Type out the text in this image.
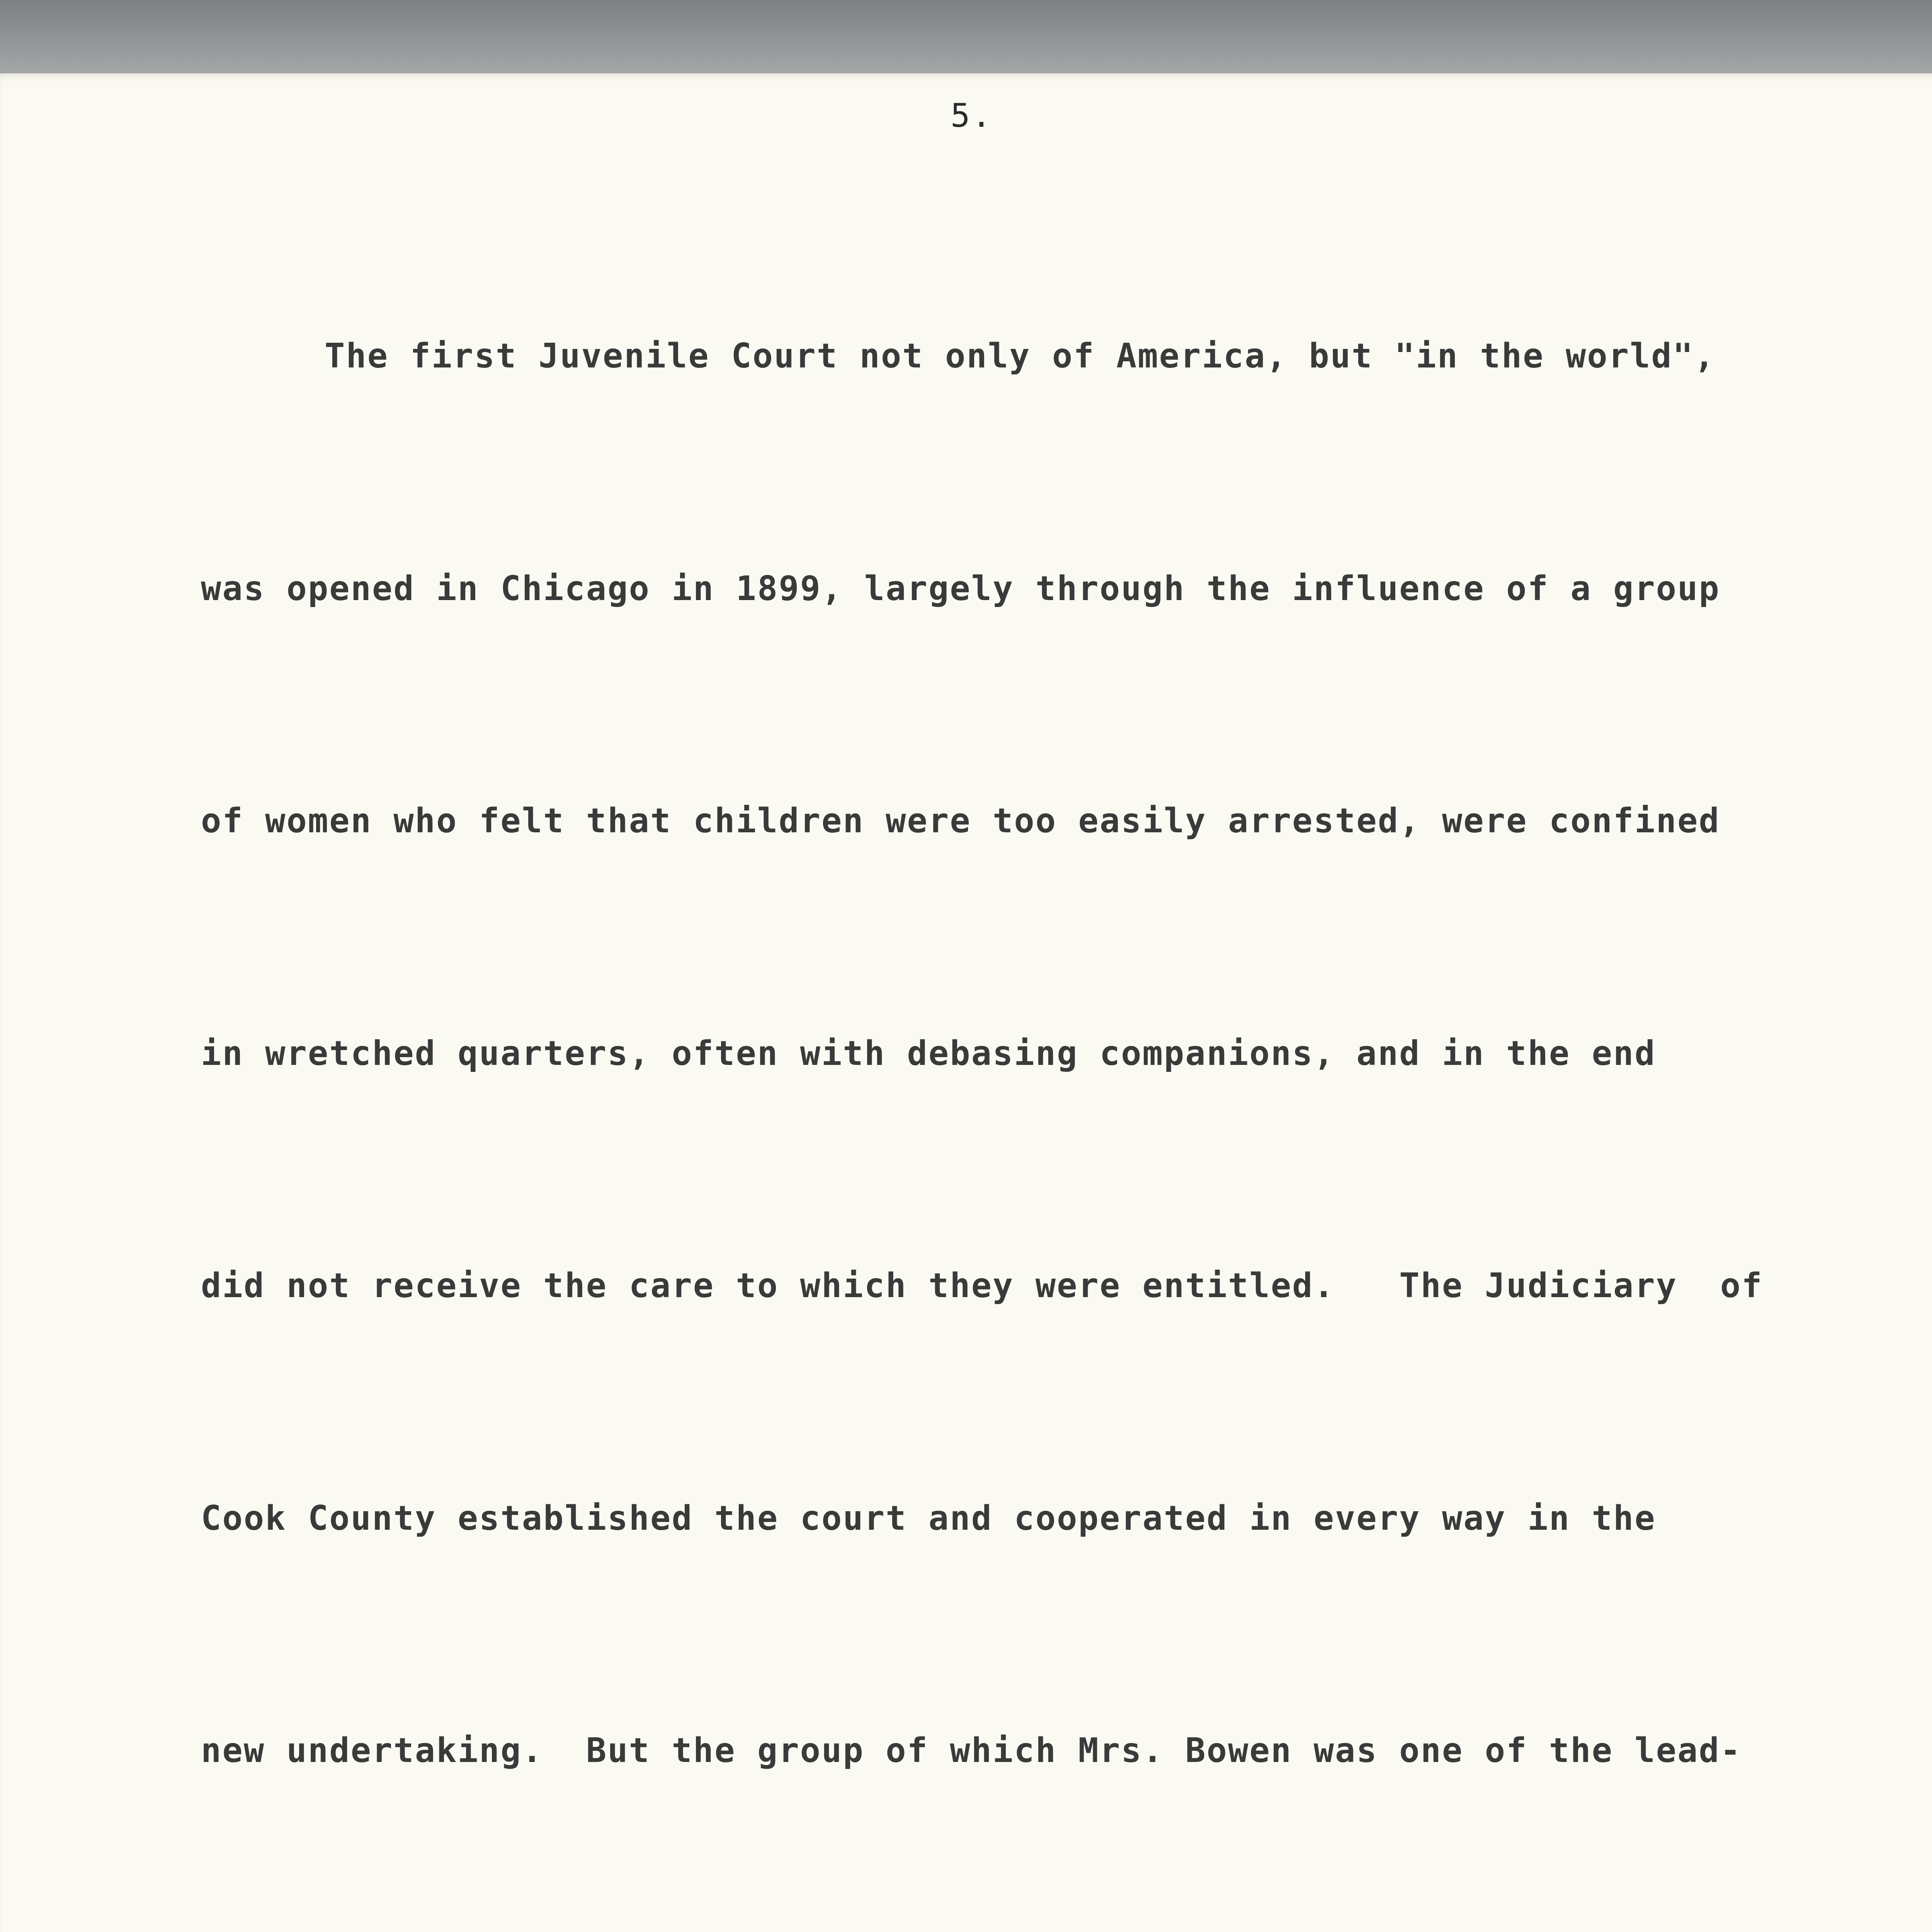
5.

The first Juvenile Court not only of America, but "in the world",

was opened in Chicago in 1899, largely through the influence of a group

of women who felt that children were too easily arrested, were confined

in wretched quarters, often with debasing companions, and in the end

did not receive the care to which they were entitled.   The Judiciary  of

Cook County established the court and cooperated in every way in the

new undertaking.  But the group of which Mrs. Bowen was one of the lead-
